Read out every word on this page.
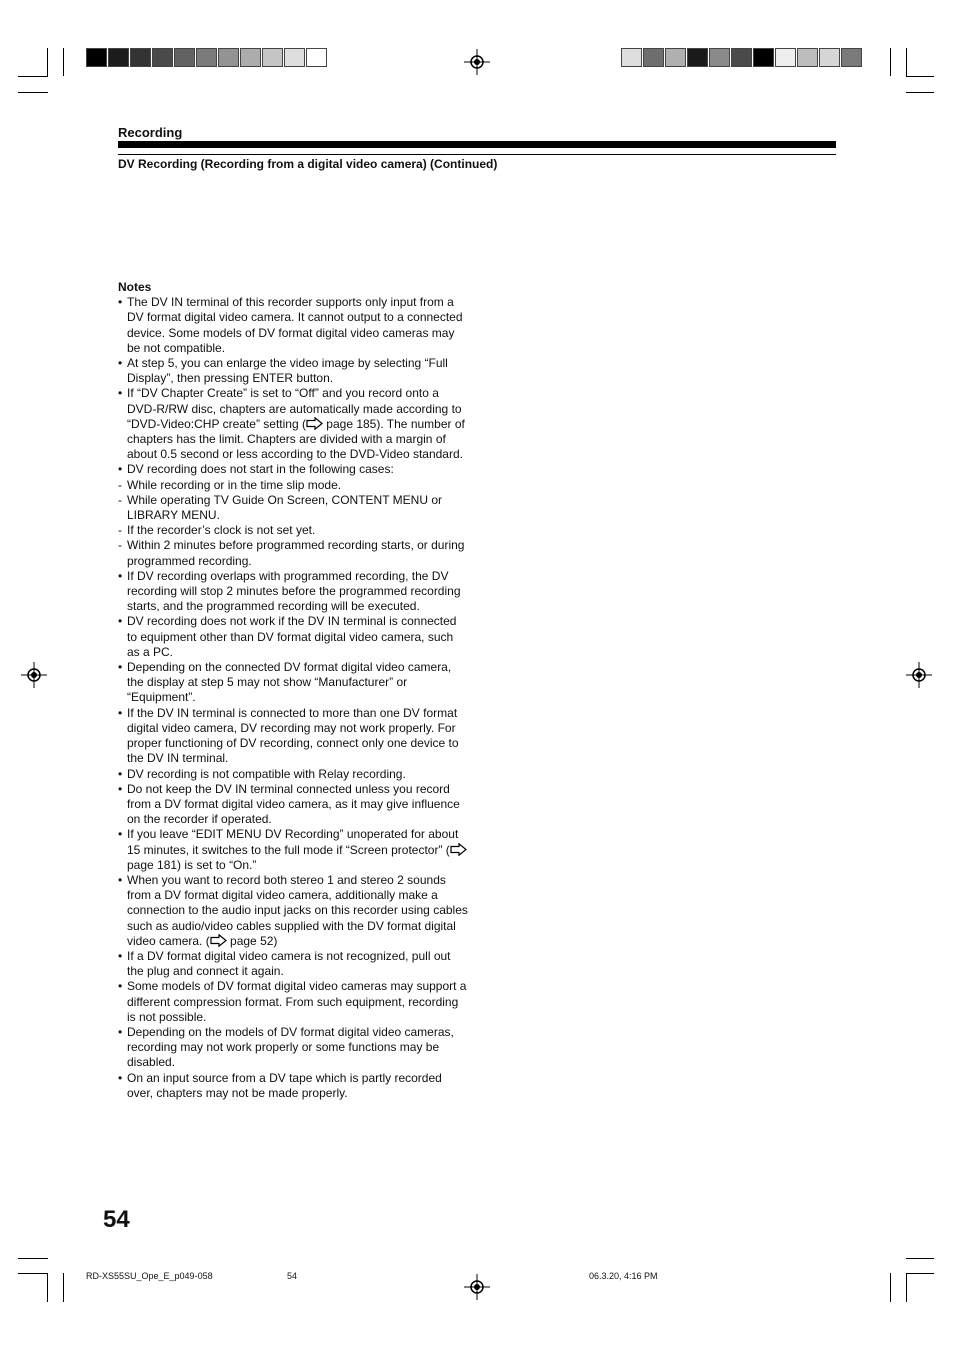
Recording
DV Recording (Recording from a digital video camera) (Continued)
Notes
• The DV IN terminal of this recorder supports only input from a DV format digital video camera. It cannot output to a connected device. Some models of DV format digital video cameras may be not compatible.
• At step 5, you can enlarge the video image by selecting “Full Display”, then pressing ENTER button.
• If “DV Chapter Create” is set to “Off” and you record onto a DVD-R/RW disc, chapters are automatically made according to “DVD-Video:CHP create” setting ( page 185). The number of chapters has the limit. Chapters are divided with a margin of about 0.5 second or less according to the DVD-Video standard.
• DV recording does not start in the following cases:
- While recording or in the time slip mode.
- While operating TV Guide On Screen, CONTENT MENU or LIBRARY MENU.
- If the recorder’s clock is not set yet.
- Within 2 minutes before programmed recording starts, or during programmed recording.
• If DV recording overlaps with programmed recording, the DV recording will stop 2 minutes before the programmed recording starts, and the programmed recording will be executed.
• DV recording does not work if the DV IN terminal is connected to equipment other than DV format digital video camera, such as a PC.
• Depending on the connected DV format digital video camera, the display at step 5 may not show “Manufacturer” or “Equipment”.
• If the DV IN terminal is connected to more than one DV format digital video camera, DV recording may not work properly. For proper functioning of DV recording, connect only one device to the DV IN terminal.
• DV recording is not compatible with Relay recording.
• Do not keep the DV IN terminal connected unless you record from a DV format digital video camera, as it may give influence on the recorder if operated.
• If you leave “EDIT MENU DV Recording” unoperated for about 15 minutes, it switches to the full mode if “Screen protector” ( page 181) is set to “On.”
• When you want to record both stereo 1 and stereo 2 sounds from a DV format digital video camera, additionally make a connection to the audio input jacks on this recorder using cables such as audio/video cables supplied with the DV format digital video camera. ( page 52)
• If a DV format digital video camera is not recognized, pull out the plug and connect it again.
• Some models of DV format digital video cameras may support a different compression format. From such equipment, recording is not possible.
• Depending on the models of DV format digital video cameras, recording may not work properly or some functions may be disabled.
• On an input source from a DV tape which is partly recorded over, chapters may not be made properly.
54
RD-XS55SU_Ope_E_p049-058	54	06.3.20, 4:16 PM
